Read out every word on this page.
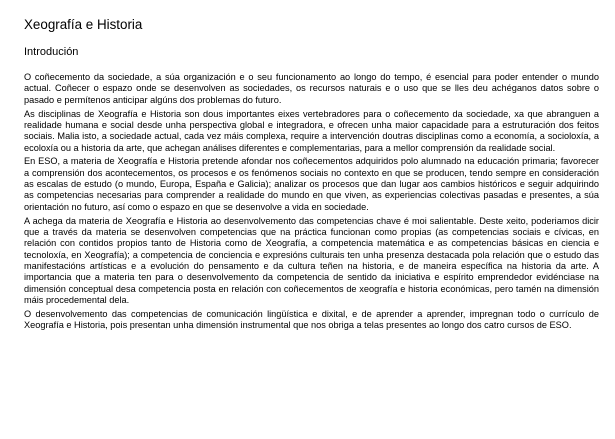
Xeografía e Historia
Introdución

O coñecemento da sociedade, a súa organización e o seu funcionamento ao longo do tempo, é esencial para poder entender o mundo actual. Coñecer o espazo onde se desenvolven as sociedades, os recursos naturais e o uso que se lles deu achéganos datos sobre o pasado e permítenos anticipar algúns dos problemas do futuro.

As disciplinas de Xeografía e Historia son dous importantes eixes vertebradores para o coñecemento da sociedade, xa que abranguen a realidade humana e social desde unha perspectiva global e integradora, e ofrecen unha maior capacidade para a estruturación dos feitos sociais. Malia isto, a sociedade actual, cada vez máis complexa, require a intervención doutras disciplinas como a economía, a socioloxía, a ecoloxía ou a historia da arte, que achegan análises diferentes e complementarias, para a mellor comprensión da realidade social.

En ESO, a materia de Xeografía e Historia pretende afondar nos coñecementos adquiridos polo alumnado na educación primaria; favorecer a comprensión dos acontecementos, os procesos e os fenómenos sociais no contexto en que se producen, tendo sempre en consideración as escalas de estudo (o mundo, Europa, España e Galicia); analizar os procesos que dan lugar aos cambios históricos e seguir adquirindo as competencias necesarias para comprender a realidade do mundo en que viven, as experiencias colectivas pasadas e presentes, a súa orientación no futuro, así como o espazo en que se desenvolve a vida en sociedade.

A achega da materia de Xeografía e Historia ao desenvolvemento das competencias chave é moi salientable. Deste xeito, poderiamos dicir que a través da materia se desenvolven competencias que na práctica funcionan como propias (as competencias sociais e cívicas, en relación con contidos propios tanto de Historia como de Xeografía, a competencia matemática e as competencias básicas en ciencia e tecnoloxía, en Xeografía); a competencia de conciencia e expresións culturais ten unha presenza destacada pola relación que o estudo das manifestacións artísticas e a evolución do pensamento e da cultura teñen na historia, e de maneira específica na historia da arte. A importancia que a materia ten para o desenvolvemento da competencia de sentido da iniciativa e espírito emprendedor evidénciase na dimensión conceptual desa competencia posta en relación con coñecementos de xeografía e historia económicas, pero tamén na dimensión máis procedemental dela.

O desenvolvemento das competencias de comunicación lingüística e dixital, e de aprender a aprender, impregnan todo o currículo de Xeografía e Historia, pois presentan unha dimensión instrumental que nos obriga a telas presentes ao longo dos catro cursos de ESO.
